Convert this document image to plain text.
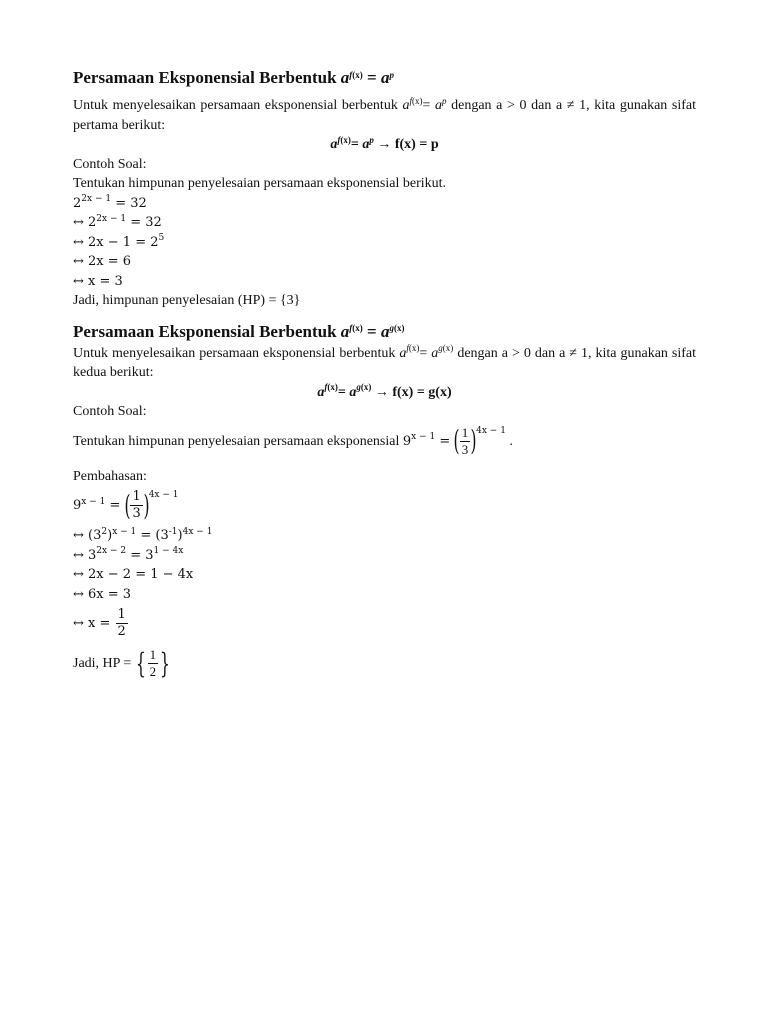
Persamaan Eksponensial Berbentuk $a^{f(x)} = a^p$

Untuk menyelesaikan persamaan eksponensial berbentuk $a^{f(x)}= a^p$ dengan a > 0 dan a ≠ 1, kita gunakan sifat pertama berikut:

$a^{f(x)}= a^p \to f(x) = p$

Contoh Soal:

Tentukan himpunan penyelesaian persamaan eksponensial berikut.

$2^{2x - 1} = 32$

↔ $2^{2x - 1} = 32$

↔ $2x - 1 = 2^5$

↔ 2x = 6

↔ x = 3

Jadi, himpunan penyelesaian (HP) = {3}

Persamaan Eksponensial Berbentuk $a^{f(x)} = a^{g(x)}$

Untuk menyelesaikan persamaan eksponensial berbentuk $a^{f(x)}= a^{g(x)}$ dengan a > 0 dan a ≠ 1, kita gunakan sifat kedua berikut:

$a^{f(x)}= a^{g(x)} \to f(x) = g(x)$

Contoh Soal:

Tentukan himpunan penyelesaian persamaan eksponensial $9^{x - 1}$ = ( $\frac{1}{3} )^{4x - 1}$ .

Pembahasan:

$9^{x - 1}$ = ( $\frac{1}{3} )^{4x - 1}$

↔ $(3^2)^{x - 1} = (3^{-1})^{4x - 1}$

↔ $3^{2x - 2} = 3^{1 - 4x}$

↔ 2x − 2 = 1 − 4x

↔ 6x = 3

↔ $x = \frac{1}{2}$

Jadi, HP = { $\frac{1}{2}$ }
